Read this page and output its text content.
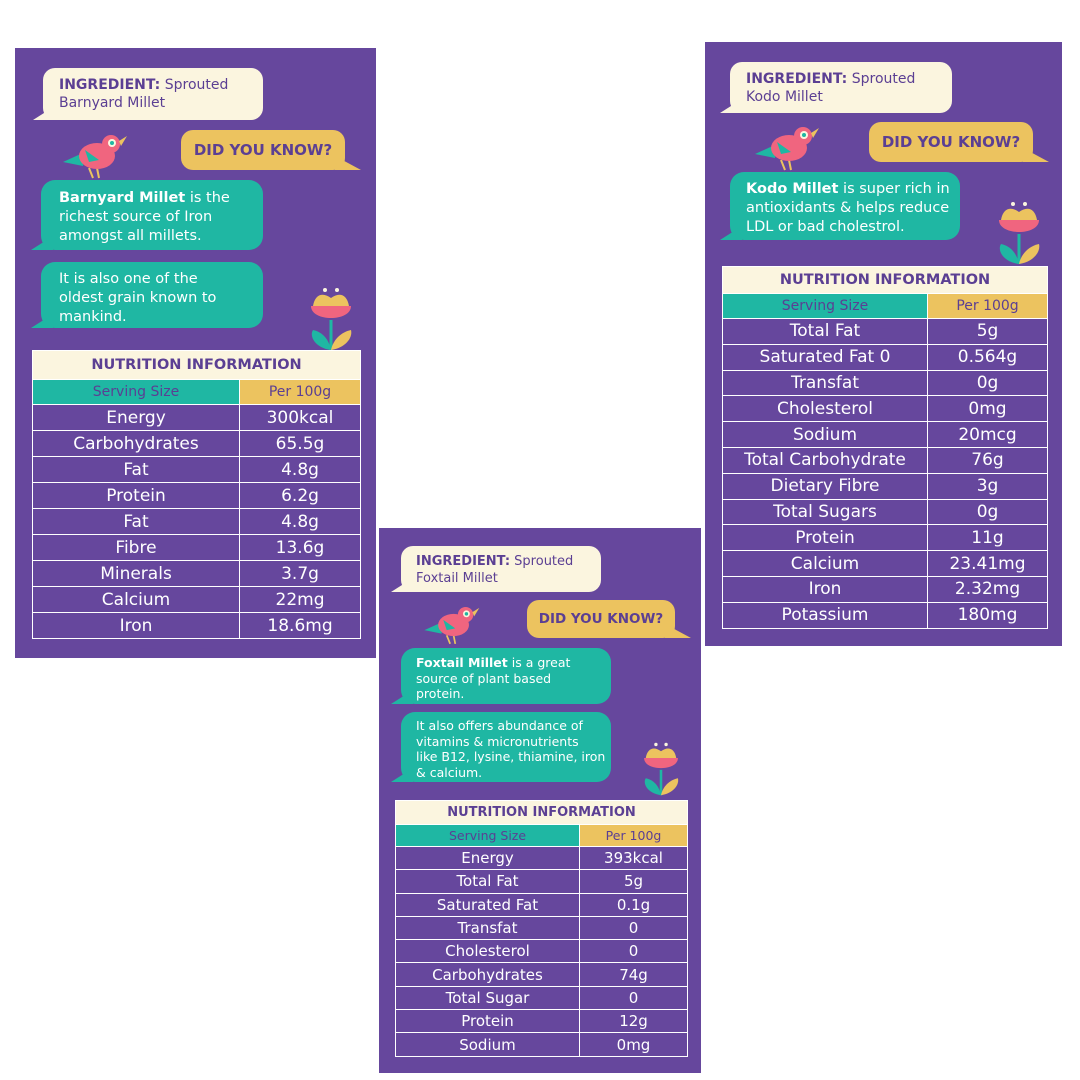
INGREDIENT: Sprouted
Barnyard Millet
DID YOU KNOW?
Barnyard Millet is the
richest source of Iron
amongst all millets.
It is also one of the
oldest grain known to
mankind.
NUTRITION INFORMATION	
Serving Size	Per 100g
Energy	300kcal
Carbohydrates	65.5g
Fat	4.8g
Protein	6.2g
Fat	4.8g
Fibre	13.6g
Minerals	3.7g
Calcium	22mg
Iron	18.6mg
INGREDIENT: Sprouted
Kodo Millet
DID YOU KNOW?
Kodo Millet is super rich in
antioxidants & helps reduce
LDL or bad cholestrol.
NUTRITION INFORMATION	
Serving Size	Per 100g
Total Fat	5g
Saturated Fat 0	0.564g
Transfat	0g
Cholesterol	0mg
Sodium	20mcg
Total Carbohydrate	76g
Dietary Fibre	3g
Total Sugars	0g
Protein	11g
Calcium	23.41mg
Iron	2.32mg
Potassium	180mg
INGREDIENT: Sprouted
Foxtail Millet
DID YOU KNOW?
Foxtail Millet is a great
source of plant based
protein.
It also offers abundance of
vitamins & micronutrients
like B12, lysine, thiamine, iron
& calcium.
NUTRITION INFORMATION	
Serving Size	Per 100g
Energy	393kcal
Total Fat	5g
Saturated Fat	0.1g
Transfat	0
Cholesterol	0
Carbohydrates	74g
Total Sugar	0
Protein	12g
Sodium	0mg
